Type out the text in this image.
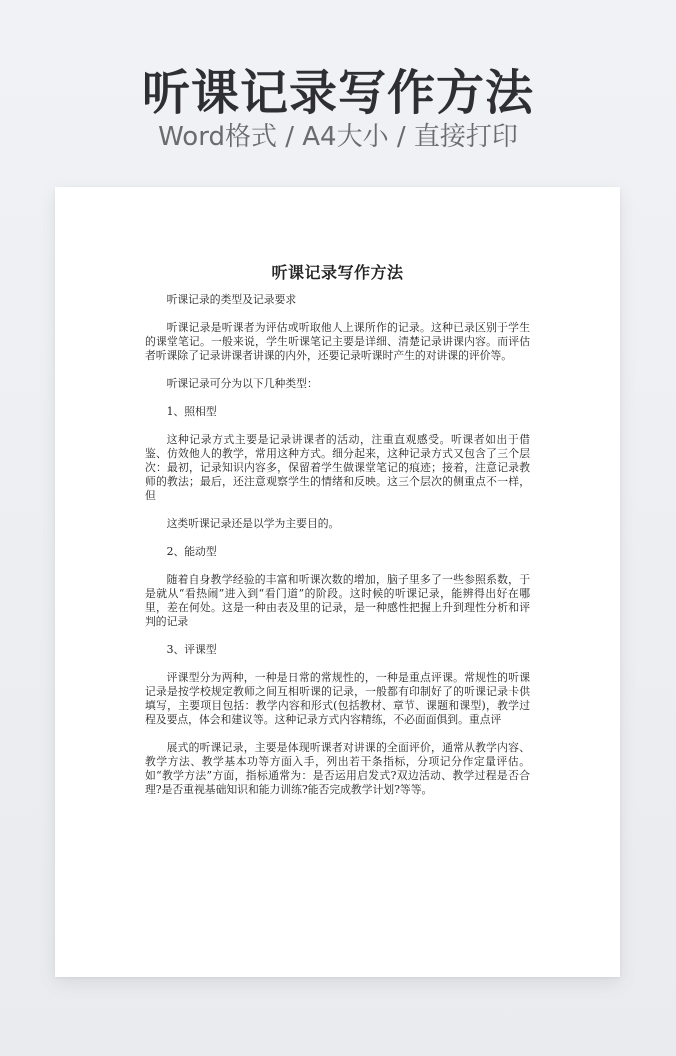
听课记录写作方法
Word格式 / A4大小 / 直接打印
听课记录写作方法

听课记录的类型及记录要求

听课记录是听课者为评估或听取他人上课所作的记录。这种已录区别于学生的课堂笔记。一般来说，学生听课笔记主要是详细、清楚记录讲课内容。而评估者听课除了记录讲课者讲课的内外，还要记录听课时产生的对讲课的评价等。

听课记录可分为以下几种类型：

1、照相型

这种记录方式主要是记录讲课者的活动，注重直观感受。听课者如出于借鉴、仿效他人的教学，常用这种方式。细分起来，这种记录方式又包含了三个层次：最初，记录知识内容多，保留着学生做课堂笔记的痕迹；接着，注意记录教师的教法；最后，还注意观察学生的情绪和反映。这三个层次的侧重点不一样，但

这类听课记录还是以学为主要目的。

2、能动型

随着自身教学经验的丰富和听课次数的增加，脑子里多了一些参照系数，于是就从“看热闹”进入到“看门道”的阶段。这时候的听课记录，能辨得出好在哪里，差在何处。这是一种由表及里的记录，是一种感性把握上升到理性分析和评判的记录

3、评课型

评课型分为两种，一种是日常的常规性的，一种是重点评课。常规性的听课记录是按学校规定教师之间互相听课的记录，一般都有印制好了的听课记录卡供填写，主要项目包括：教学内容和形式(包括教材、章节、课题和课型)，教学过程及要点，体会和建议等。这种记录方式内容精练，不必面面俱到。重点评

展式的听课记录，主要是体现听课者对讲课的全面评价，通常从教学内容、教学方法、教学基本功等方面入手，列出若干条指标，分项记分作定量评估。如“教学方法”方面，指标通常为：是否运用启发式?双边活动、教学过程是否合理?是否重视基础知识和能力训练?能否完成教学计划?等等。
